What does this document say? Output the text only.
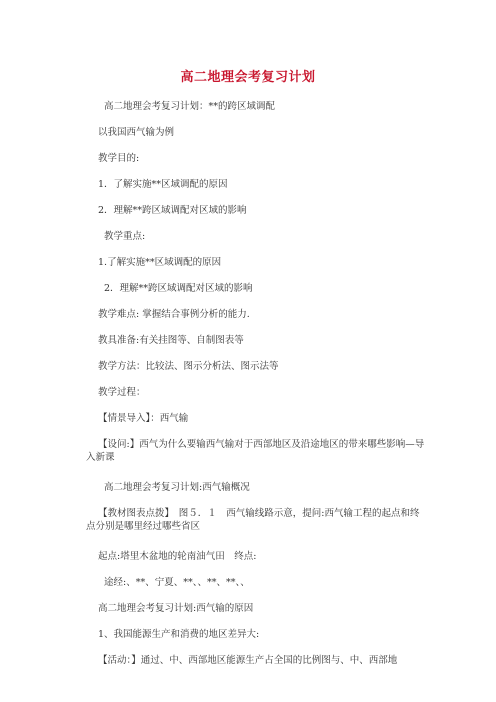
高二地理会考复习计划
高二地理会考复习计划：**的跨区域调配
以我国西气输为例
教学目的:
1．了解实施**区域调配的原因
2．理解**跨区域调配对区域的影响
教学重点:
1.了解实施**区域调配的原因
2．理解**跨区域调配对区域的影响
教学难点: 掌握结合事例分析的能力.
教具准备:有关挂图等、自制图表等
教学方法：比较法、图示分析法、图示法等
教学过程：
【情景导入】：西气输
【设问:】西气为什么要输西气输对于西部地区及沿途地区的带来哪些影响—导入新课
高二地理会考复习计划:西气输概况
【教材图表点拨】　图５．１　西气输线路示意，提问:西气输工程的起点和终点分别是哪里经过哪些省区
起点:塔里木盆地的轮南油气田　终点:
途经:、**、宁夏、**、、**、**、、
高二地理会考复习计划:西气输的原因
1、我国能源生产和消费的地区差异大:
【活动：】通过、中、西部地区能源生产占全国的比例图与、中、西部地
